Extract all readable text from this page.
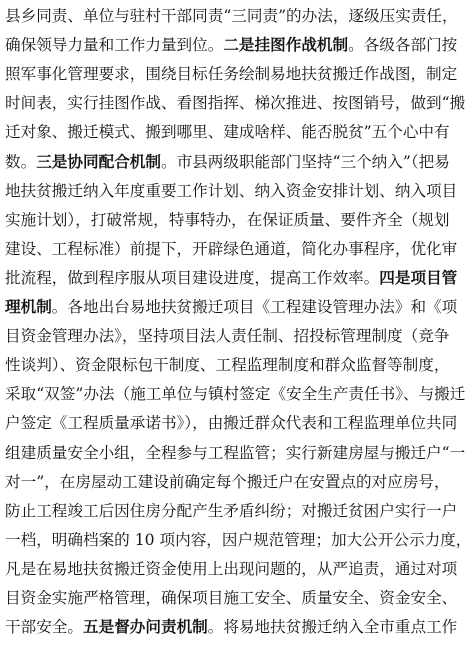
县乡同责、单位与驻村干部同责“三同责”的办法，逐级压实责任，
确保领导力量和工作力量到位。二是挂图作战机制。各级各部门按
照军事化管理要求，围绕目标任务绘制易地扶贫搬迁作战图，制定
时间表，实行挂图作战、看图指挥、梯次推进、按图销号，做到“搬
迁对象、搬迁模式、搬到哪里、建成啥样、能否脱贫”五个心中有
数。三是协同配合机制。市县两级职能部门坚持“三个纳入”（把易
地扶贫搬迁纳入年度重要工作计划、纳入资金安排计划、纳入项目
实施计划），打破常规，特事特办，在保证质量、要件齐全（规划
建设、工程标准）前提下，开辟绿色通道，简化办事程序，优化审
批流程，做到程序服从项目建设进度，提高工作效率。四是项目管
理机制。各地出台易地扶贫搬迁项目《工程建设管理办法》和《项
目资金管理办法》，坚持项目法人责任制、招投标管理制度（竞争
性谈判）、资金限标包干制度、工程监理制度和群众监督等制度，
采取“双签”办法（施工单位与镇村签定《安全生产责任书》、与搬迁
户签定《工程质量承诺书》），由搬迁群众代表和工程监理单位共同
组建质量安全小组，全程参与工程监管；实行新建房屋与搬迁户“一
对一”，在房屋动工建设前确定每个搬迁户在安置点的对应房号，
防止工程竣工后因住房分配产生矛盾纠纷；对搬迁贫困户实行一户
一档，明确档案的 10 项内容，因户规范管理；加大公开公示力度，
凡是在易地扶贫搬迁资金使用上出现问题的，从严追责，通过对项
目资金实施严格管理，确保项目施工安全、质量安全、资金安全、
干部安全。五是督办问责机制。将易地扶贫搬迁纳入全市重点工作
